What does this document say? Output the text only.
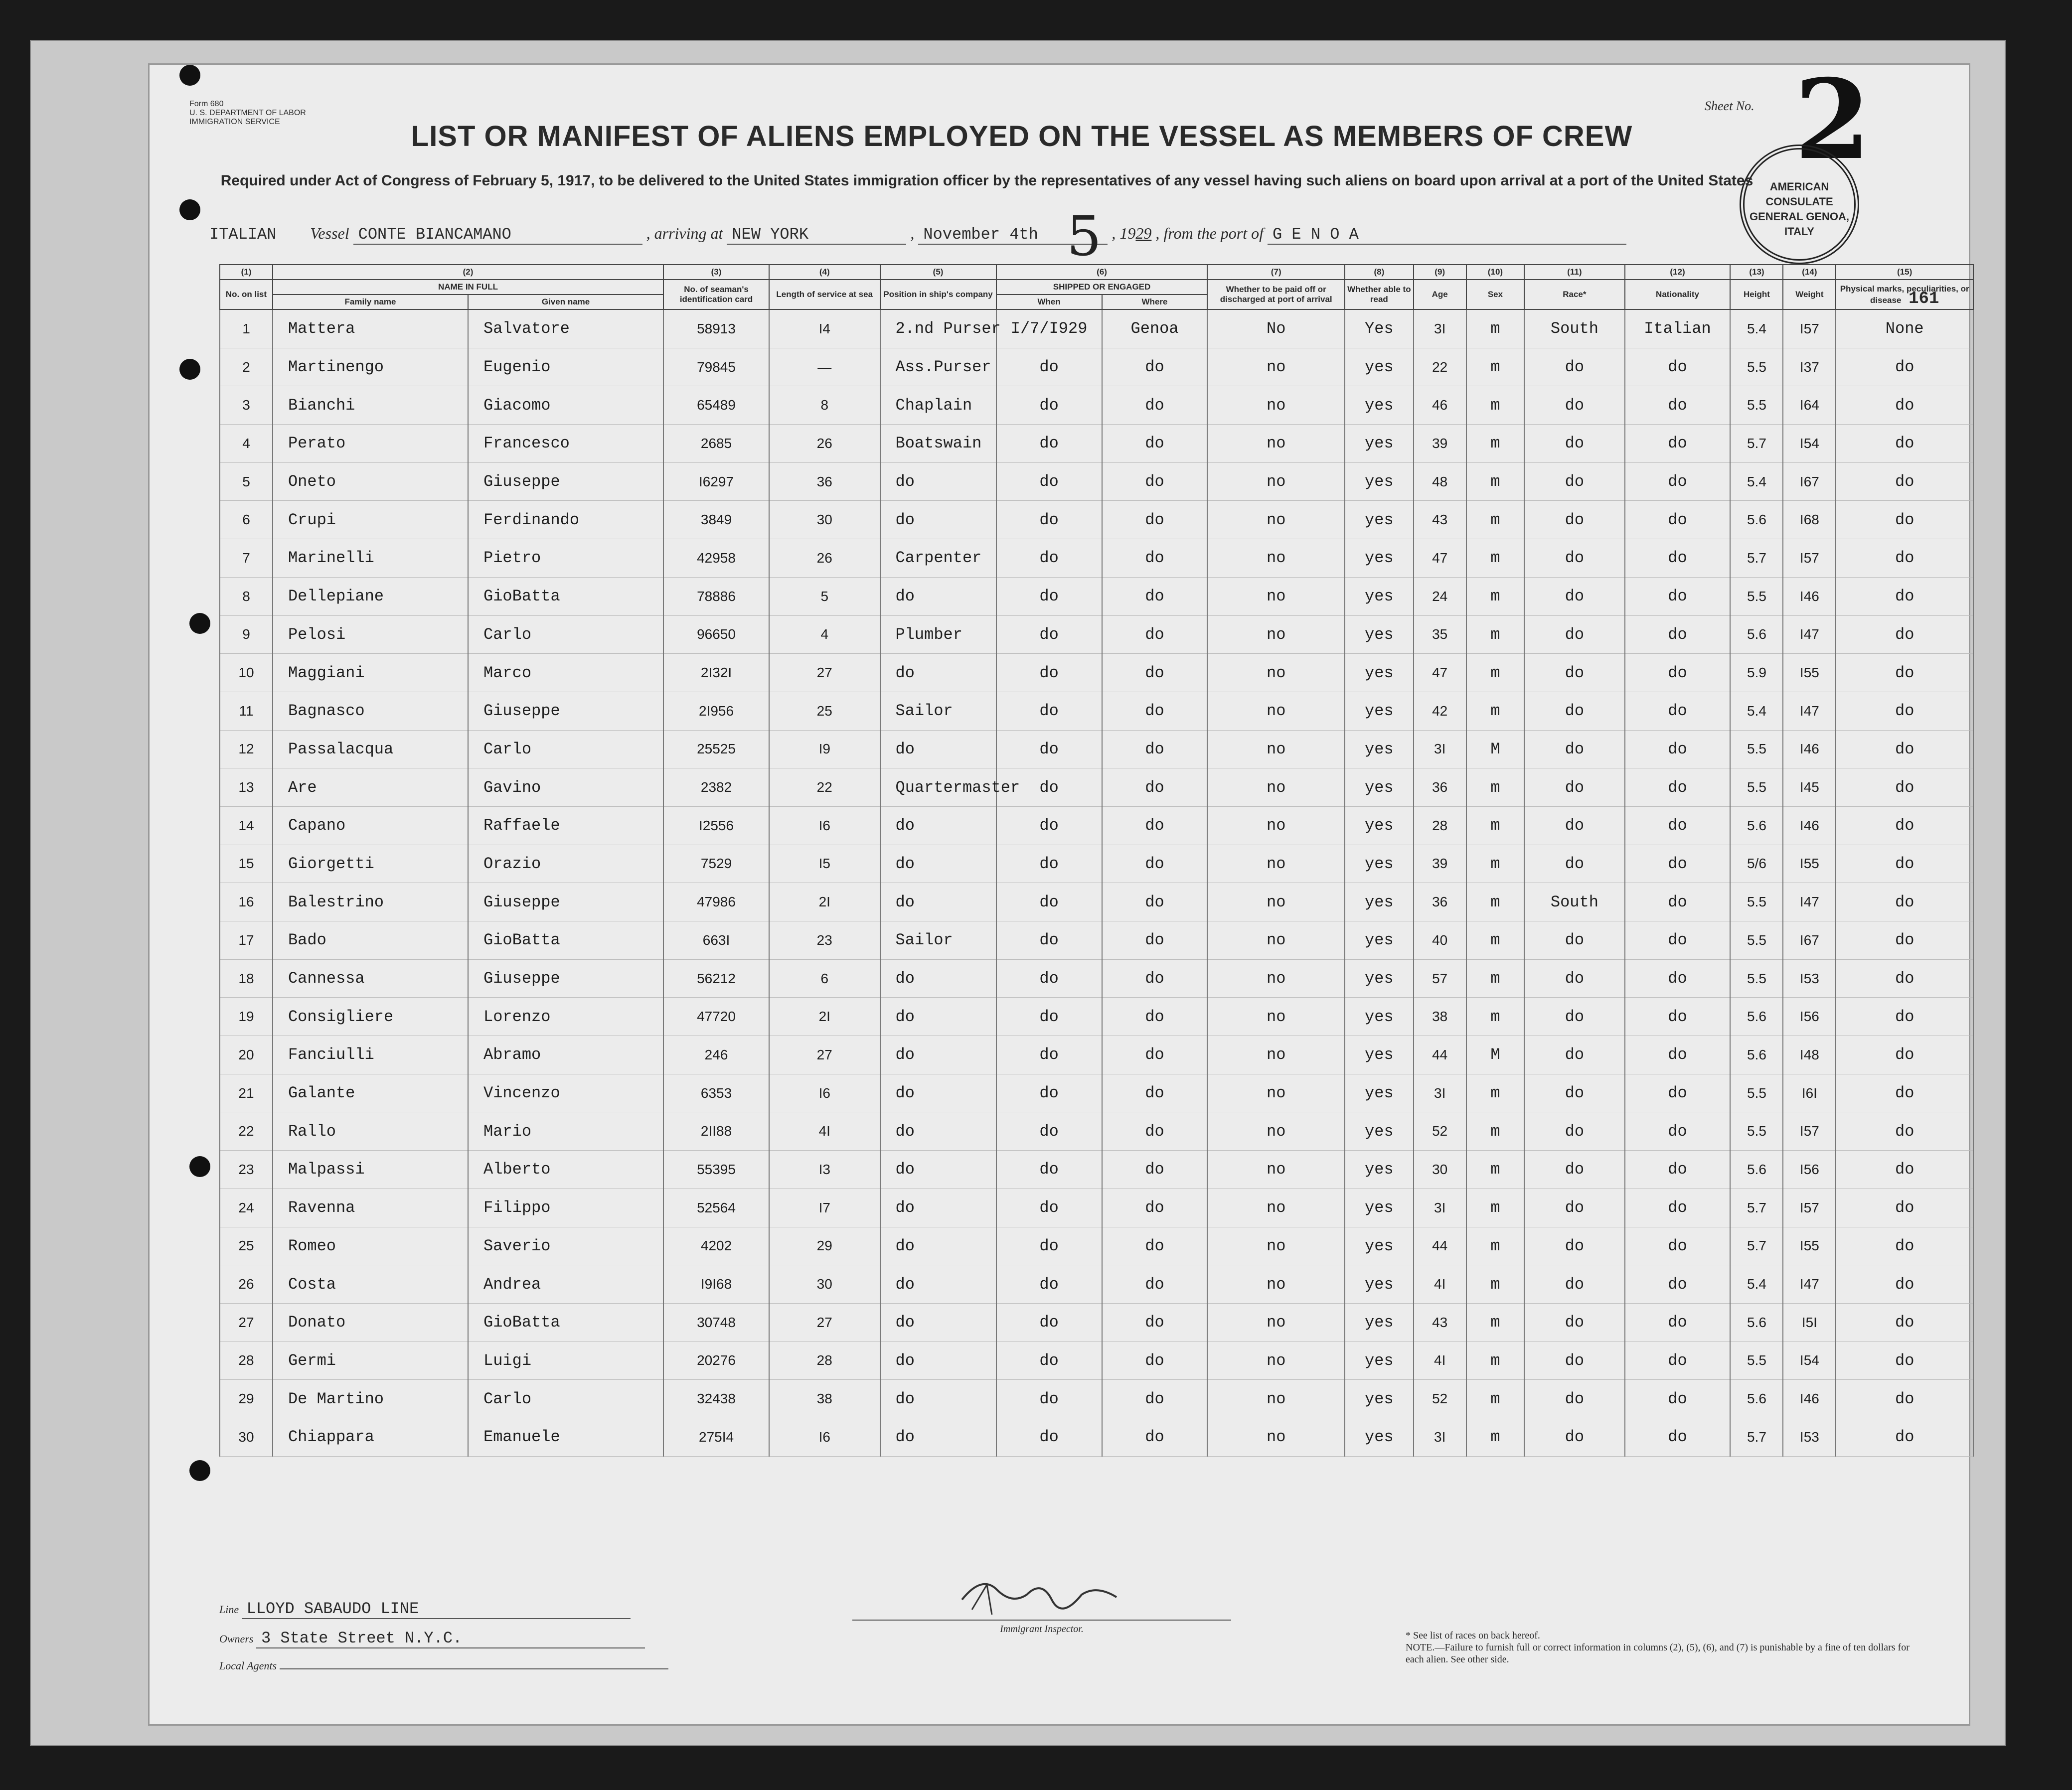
Form 680
U. S. DEPARTMENT OF LABOR
IMMIGRATION SERVICE
Sheet No. 2
AMERICAN CONSULATE GENERAL GENOA, ITALY
LIST OR MANIFEST OF ALIENS EMPLOYED ON THE VESSEL AS MEMBERS OF CREW
Required under Act of Congress of February 5, 1917, to be delivered to the United States immigration officer by the representatives of any vessel having such aliens on board upon arrival at a port of the United States
ITALIAN Vessel CONTE BIANCAMANO	, arriving at NEW YORK	, November 4th	, 1929 , from the port of G E N O A
5
(1)	(2)		(3)	(4)	(5)	(6)		(7)	(8)	(9)	(10)	(11)	(12)	(13)	(14)	(15)
No. on list	NAME IN FULL		No. of seaman's identification card	Length of service at sea	Position in ship's company	SHIPPED OR ENGAGED		Whether to be paid off or discharged at port of arrival	Whether able to read	Age	Sex	Race*	Nationality	Height	Weight	Physical marks, peculiarities, or disease 161
	Family name	Given name				When	Where									
1	Mattera	Salvatore	58913	I4	2.nd Purser	I/7/I929	Genoa	No	Yes	3I	m	South	Italian	5.4	I57	None
2	Martinengo	Eugenio	79845	—	Ass.Purser	do	do	no	yes	22	m	do	do	5.5	I37	do
3	Bianchi	Giacomo	65489	8	Chaplain	do	do	no	yes	46	m	do	do	5.5	I64	do
4	Perato	Francesco	2685	26	Boatswain	do	do	no	yes	39	m	do	do	5.7	I54	do
5	Oneto	Giuseppe	I6297	36	do	do	do	no	yes	48	m	do	do	5.4	I67	do
6	Crupi	Ferdinando	3849	30	do	do	do	no	yes	43	m	do	do	5.6	I68	do
7	Marinelli	Pietro	42958	26	Carpenter	do	do	no	yes	47	m	do	do	5.7	I57	do
8	Dellepiane	GioBatta	78886	5	do	do	do	no	yes	24	m	do	do	5.5	I46	do
9	Pelosi	Carlo	96650	4	Plumber	do	do	no	yes	35	m	do	do	5.6	I47	do
10	Maggiani	Marco	2I32I	27	do	do	do	no	yes	47	m	do	do	5.9	I55	do
11	Bagnasco	Giuseppe	2I956	25	Sailor	do	do	no	yes	42	m	do	do	5.4	I47	do
12	Passalacqua	Carlo	25525	I9	do	do	do	no	yes	3I	M	do	do	5.5	I46	do
13	Are	Gavino	2382	22	Quartermaster	do	do	no	yes	36	m	do	do	5.5	I45	do
14	Capano	Raffaele	I2556	I6	do	do	do	no	yes	28	m	do	do	5.6	I46	do
15	Giorgetti	Orazio	7529	I5	do	do	do	no	yes	39	m	do	do	5/6	I55	do
16	Balestrino	Giuseppe	47986	2I	do	do	do	no	yes	36	m	South	do	5.5	I47	do
17	Bado	GioBatta	663I	23	Sailor	do	do	no	yes	40	m	do	do	5.5	I67	do
18	Cannessa	Giuseppe	56212	6	do	do	do	no	yes	57	m	do	do	5.5	I53	do
19	Consigliere	Lorenzo	47720	2I	do	do	do	no	yes	38	m	do	do	5.6	I56	do
20	Fanciulli	Abramo	246	27	do	do	do	no	yes	44	M	do	do	5.6	I48	do
21	Galante	Vincenzo	6353	I6	do	do	do	no	yes	3I	m	do	do	5.5	I6I	do
22	Rallo	Mario	2II88	4I	do	do	do	no	yes	52	m	do	do	5.5	I57	do
23	Malpassi	Alberto	55395	I3	do	do	do	no	yes	30	m	do	do	5.6	I56	do
24	Ravenna	Filippo	52564	I7	do	do	do	no	yes	3I	m	do	do	5.7	I57	do
25	Romeo	Saverio	4202	29	do	do	do	no	yes	44	m	do	do	5.7	I55	do
26	Costa	Andrea	I9I68	30	do	do	do	no	yes	4I	m	do	do	5.4	I47	do
27	Donato	GioBatta	30748	27	do	do	do	no	yes	43	m	do	do	5.6	I5I	do
28	Germi	Luigi	20276	28	do	do	do	no	yes	4I	m	do	do	5.5	I54	do
29	De Martino	Carlo	32438	38	do	do	do	no	yes	52	m	do	do	5.6	I46	do
30	Chiappara	Emanuele	275I4	I6	do	do	do	no	yes	3I	m	do	do	5.7	I53	do
Line LLOYD SABAUDO LINE
Owners 3 State Street N.Y.C.
Local Agents
Immigrant Inspector.
* See list of races on back hereof.
NOTE.—Failure to furnish full or correct information in columns (2), (5), (6), and (7) is punishable by a fine of ten dollars for each alien. See other side.
